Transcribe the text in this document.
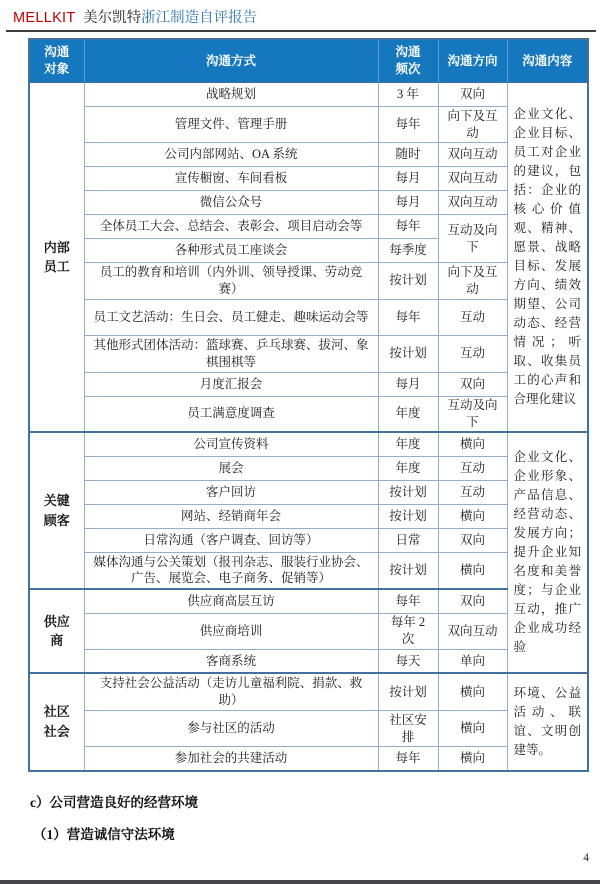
MELLKIT 美尔凯特浙江制造自评报告
沟通对象	沟通方式	沟通频次	沟通方向	沟通内容
内部员工	战略规划	3 年	双向	企业文化、企业目标、员工对企业的建议，包括：企业的核心价值观、精神、愿景、战略目标、发展方向、绩效期望、公司动态、经营情况；听取、收集员工的心声和合理化建议
	管理文件、管理手册	每年	向下及互动	
	公司内部网站、OA 系统	随时	双向互动	
	宣传橱窗、车间看板	每月	双向互动	
	微信公众号	每月	双向互动	
	全体员工大会、总结会、表彰会、项目启动会等	每年	互动及向下	
	各种形式员工座谈会	每季度		
	员工的教育和培训（内外训、领导授课、劳动竞赛）	按计划	向下及互动	
	员工文艺活动：生日会、员工健走、趣味运动会等	每年	互动	
	其他形式团体活动：篮球赛、乒乓球赛、拔河、象棋围棋等	按计划	互动	
	月度汇报会	每月	双向	
	员工满意度调查	年度	互动及向下	
关键顾客	公司宣传资料	年度	横向	企业文化、企业形象、产品信息、经营动态、发展方向；提升企业知名度和美誉度；与企业互动，推广企业成功经验
	展会	年度	互动	
	客户回访	按计划	互动	
	网站、经销商年会	按计划	横向	
	日常沟通（客户调查、回访等）	日常	双向	
	媒体沟通与公关策划（报刊杂志、服装行业协会、广告、展览会、电子商务、促销等）	按计划	横向	
供应商	供应商高层互访	每年	双向	
	供应商培训	每年 2 次	双向互动	
	客商系统	每天	单向	
社区社会	支持社会公益活动（走访儿童福利院、捐款、救助）	按计划	横向	环境、公益活动、联谊、文明创建等。
	参与社区的活动	社区安排	横向	
	参加社会的共建活动	每年	横向	
c）公司营造良好的经营环境
（1）营造诚信守法环境
4
